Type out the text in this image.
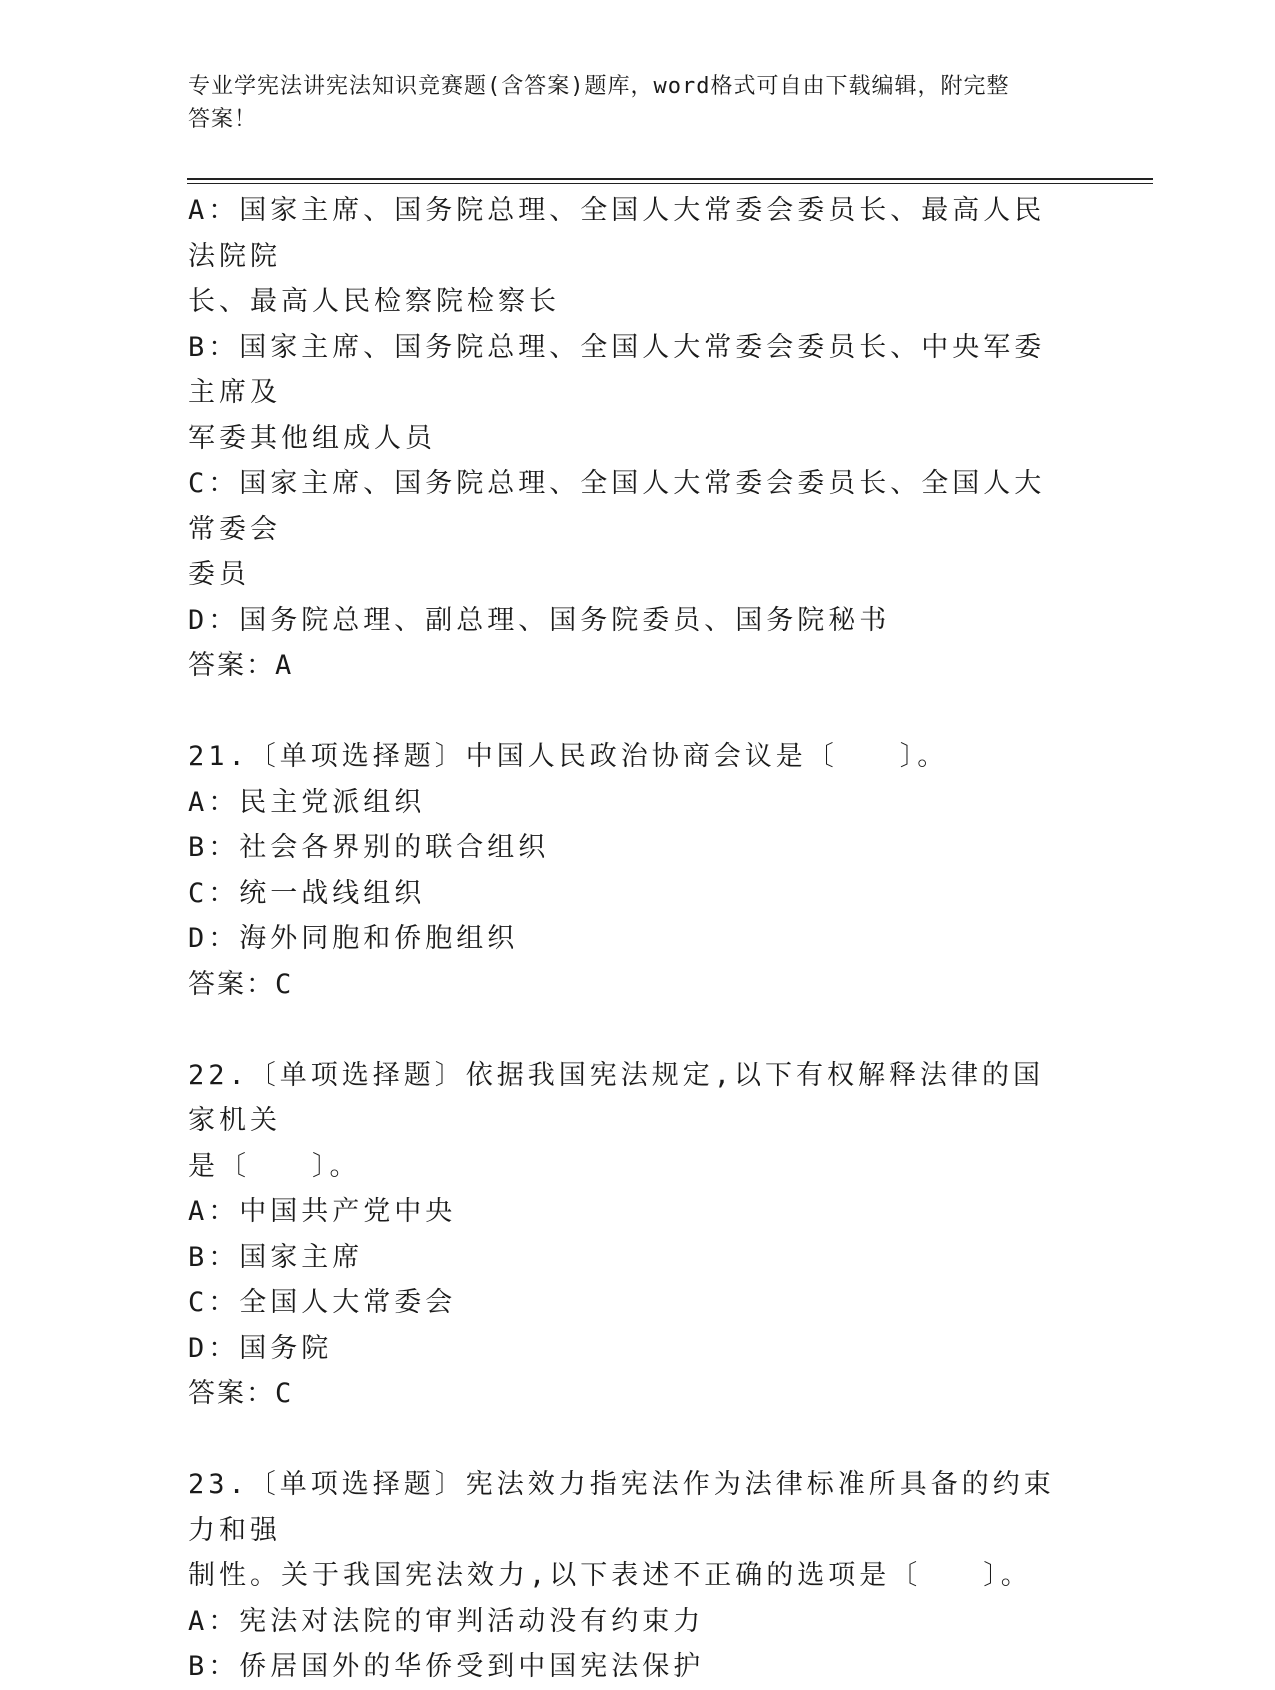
专业学宪法讲宪法知识竞赛题(含答案)题库，word格式可自由下载编辑，附完整
答案！
A：国家主席、国务院总理、全国人大常委会委员长、最高人民法院院
长、最高人民检察院检察长
B：国家主席、国务院总理、全国人大常委会委员长、中央军委主席及
军委其他组成人员
C：国家主席、国务院总理、全国人大常委会委员长、全国人大常委会
委员
D：国务院总理、副总理、国务院委员、国务院秘书
答案：A
21.〔单项选择题〕中国人民政治协商会议是〔　　〕。
A：民主党派组织
B：社会各界别的联合组织
C：统一战线组织
D：海外同胞和侨胞组织
答案：C
22.〔单项选择题〕依据我国宪法规定,以下有权解释法律的国家机关
是〔　　〕。
A：中国共产党中央
B：国家主席
C：全国人大常委会
D：国务院
答案：C
23.〔单项选择题〕宪法效力指宪法作为法律标准所具备的约束力和强
制性。关于我国宪法效力,以下表述不正确的选项是〔　　〕。
A：宪法对法院的审判活动没有约束力
B：侨居国外的华侨受到中国宪法保护
